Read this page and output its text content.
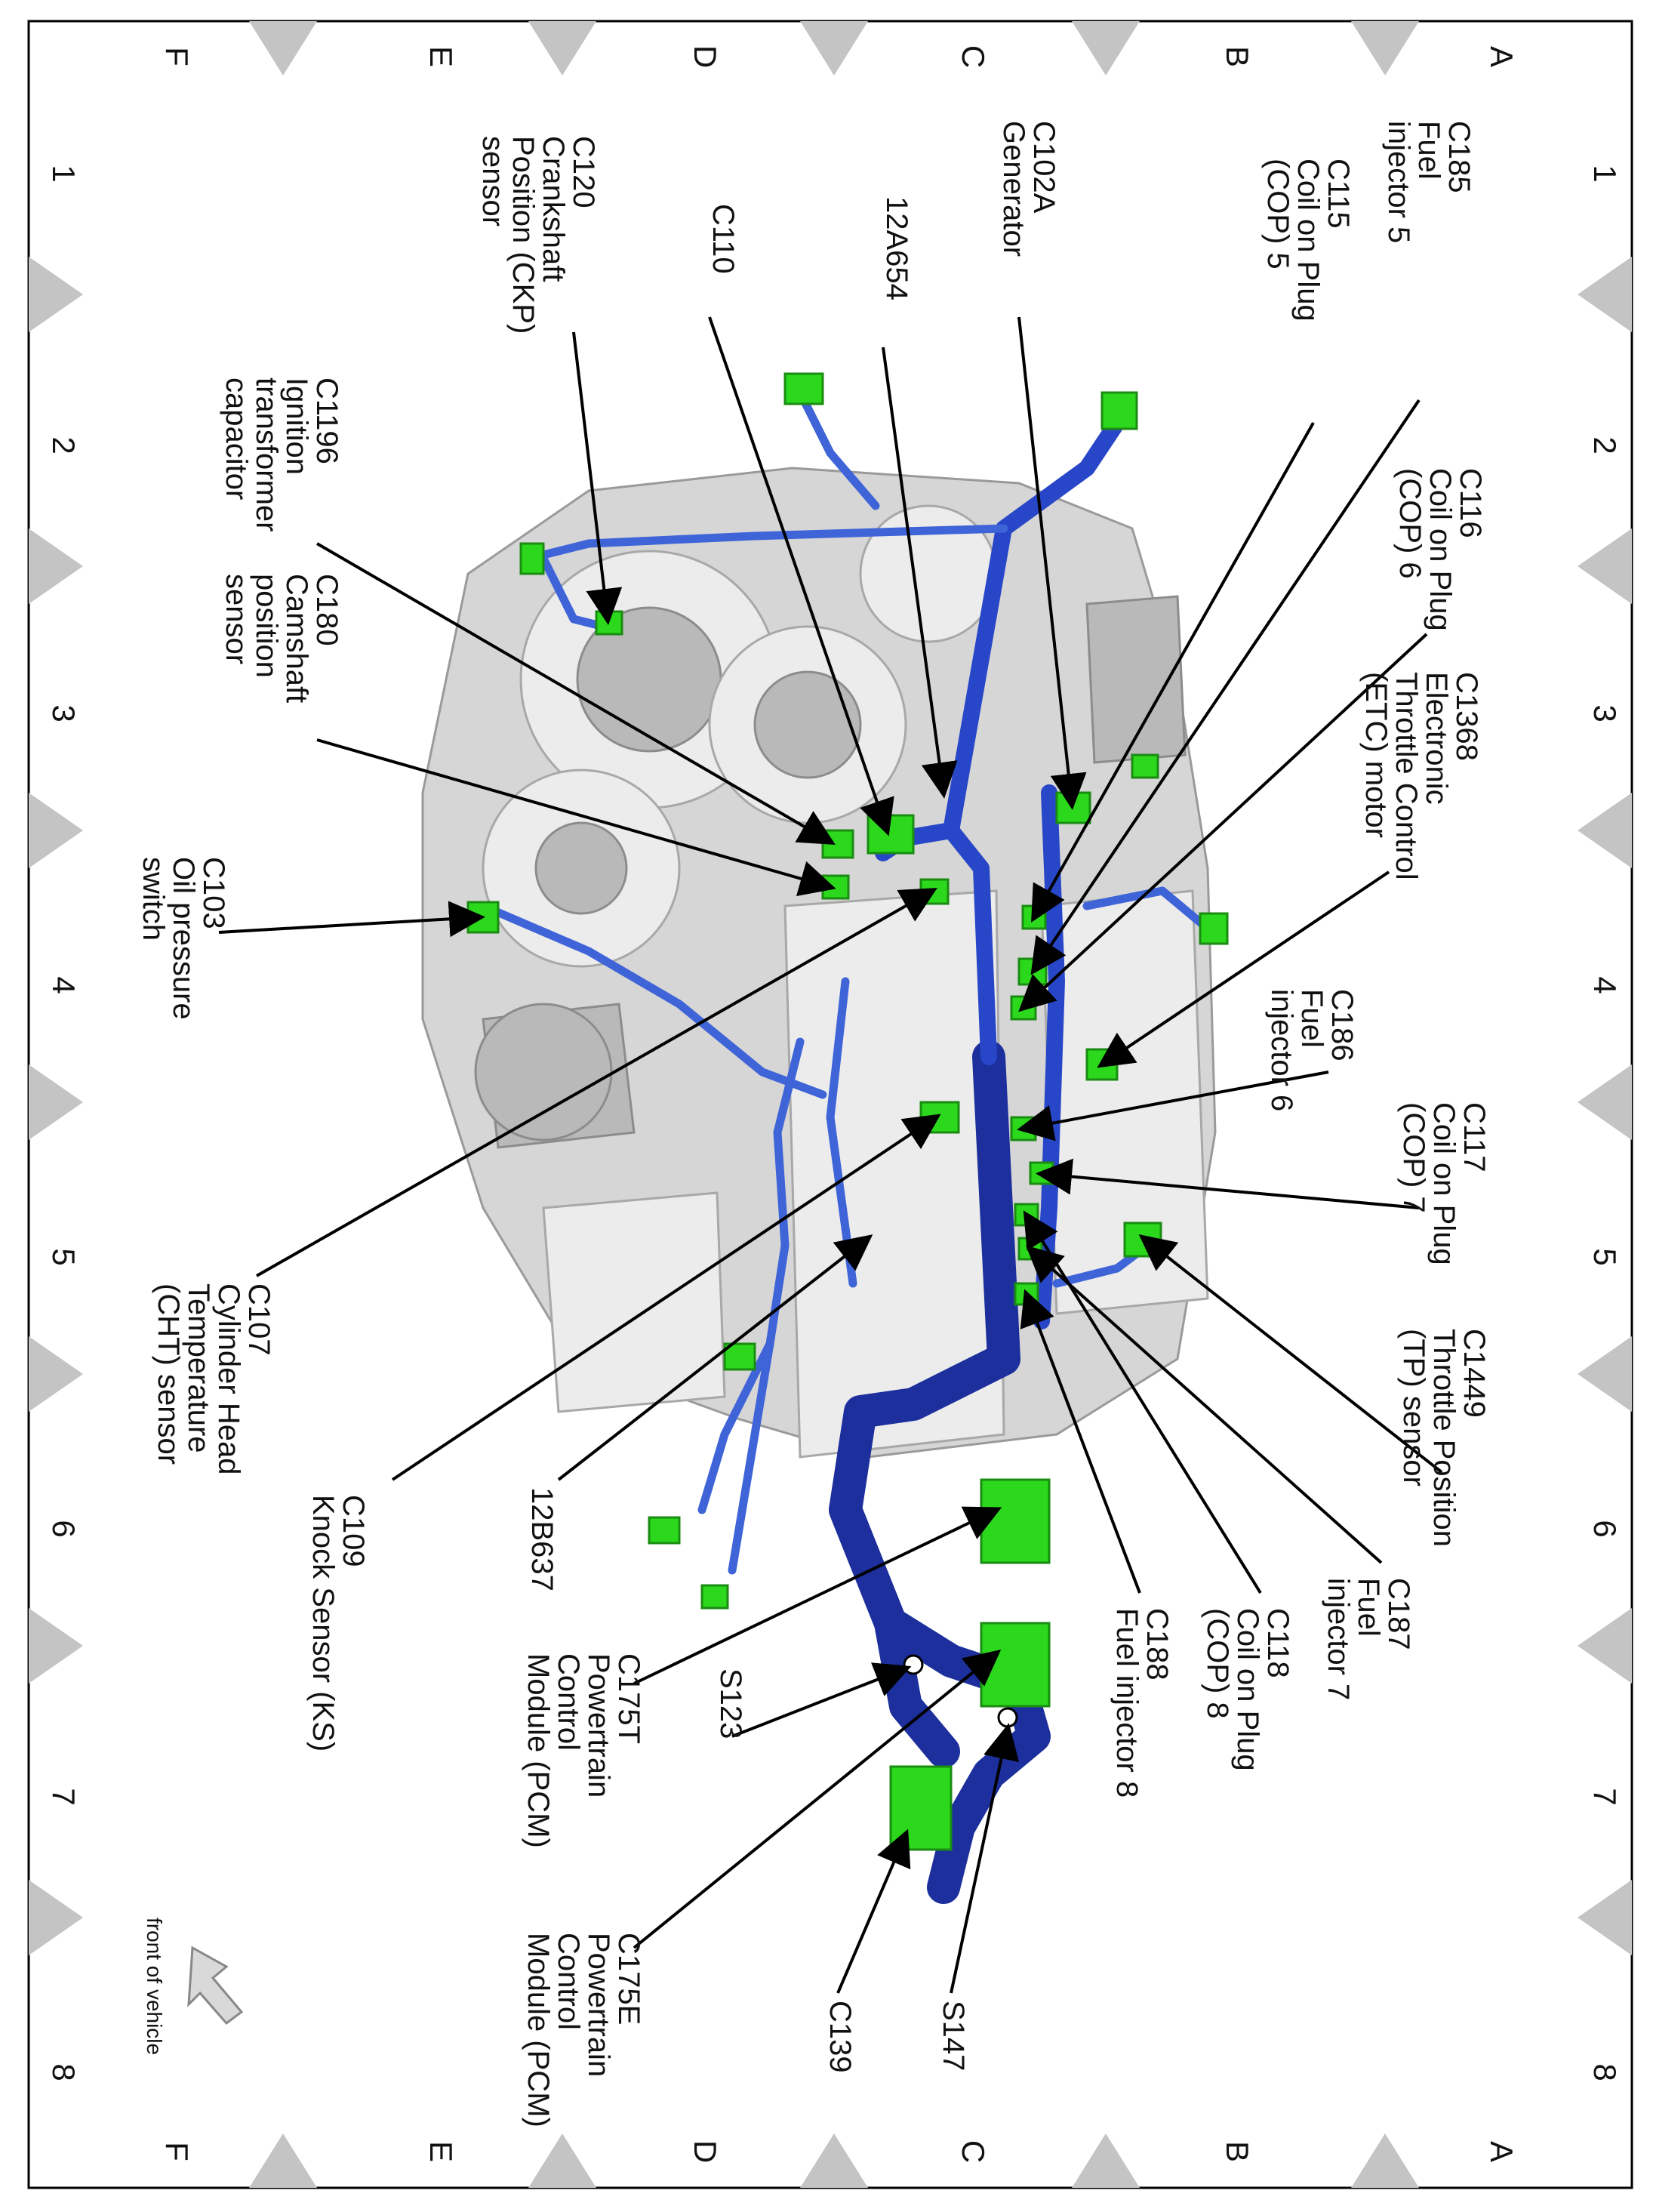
A
B
C
D
E
F
A
B
C
D
E
F
1
2
3
4
5
6
7
8
1
2
3
4
5
6
7
8
front of vehicle
C185 Fuel injector 5
C115 Coil on Plug (COP) 5
C102A Generator
12A654
C110
C120 Crankshaft Position (CKP) sensor
C1196 Ignition transformer capacitor
C116 Coil on Plug (COP) 6
C1368 Electronic Throttle Control (ETC) motor
C180 Camshaft position sensor
C103 Oil pressure switch
C186 Fuel injector 6
C117 Coil on Plug (COP) 7
C1449 Throttle Position (TP) sensor
C107 Cylinder Head Temperature (CHT) sensor
C109 Knock Sensor (KS)	12B637
C187 Fuel injector 7
C118 Coil on Plug (COP) 8
C188 Fuel injector 8
C175T Powertrain Control Module (PCM)	S123
C175E Powertrain Control Module (PCM)	S147
C139
